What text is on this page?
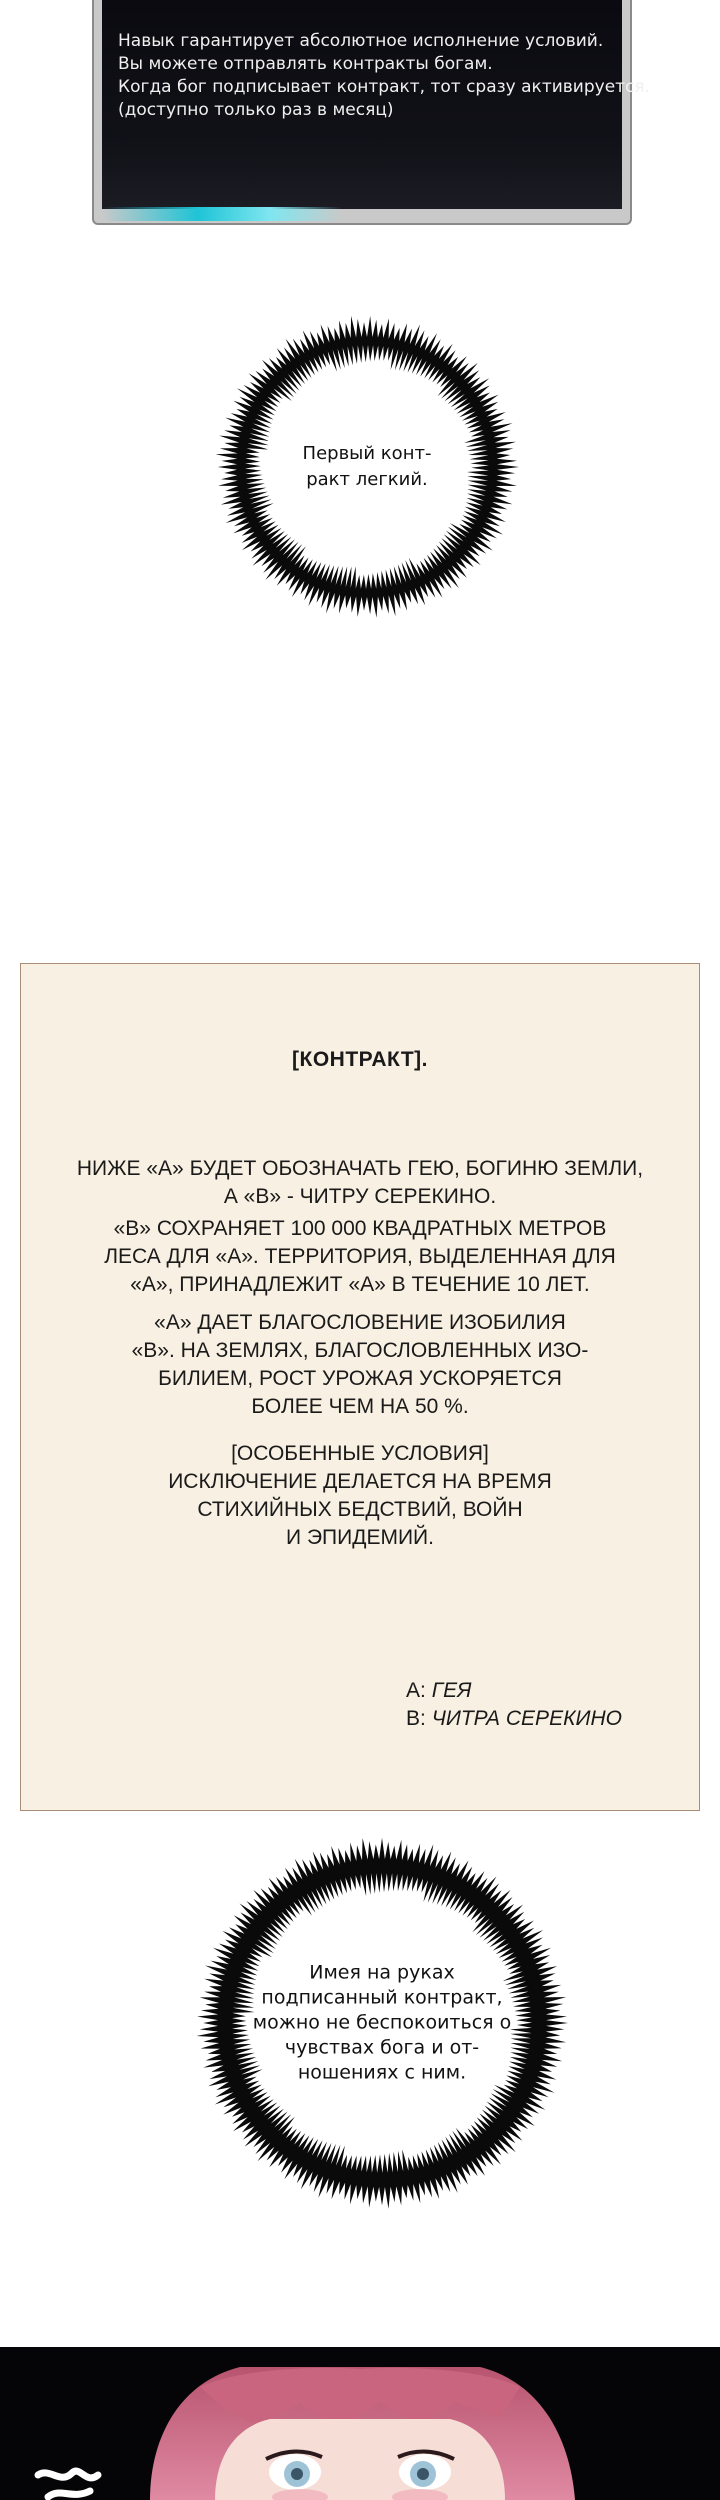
Навык гарантирует абсолютное исполнение условий.
Вы можете отправлять контракты богам.
Когда бог подписывает контракт, тот сразу активируется.
(доступно только раз в месяц)
Первый конт-
ракт легкий.
[КОНТРАКТ].
НИЖЕ «А» БУДЕТ ОБОЗНАЧАТЬ ГЕЮ, БОГИНЮ ЗЕМЛИ,
А «В» - ЧИТРУ СЕРЕКИНО.
«В» СОХРАНЯЕТ 100 000 КВАДРАТНЫХ МЕТРОВ
ЛЕСА ДЛЯ «А». ТЕРРИТОРИЯ, ВЫДЕЛЕННАЯ ДЛЯ
«А», ПРИНАДЛЕЖИТ «А» В ТЕЧЕНИЕ 10 ЛЕТ.
«А» ДАЕТ БЛАГОСЛОВЕНИЕ ИЗОБИЛИЯ
«В». НА ЗЕМЛЯХ, БЛАГОСЛОВЛЕННЫХ ИЗО-
БИЛИЕМ, РОСТ УРОЖАЯ УСКОРЯЕТСЯ
БОЛЕЕ ЧЕМ НА 50 %.
[ОСОБЕННЫЕ УСЛОВИЯ]
ИСКЛЮЧЕНИЕ ДЕЛАЕТСЯ НА ВРЕМЯ
СТИХИЙНЫХ БЕДСТВИЙ, ВОЙН
И ЭПИДЕМИЙ.
А: ГЕЯ
В: ЧИТРА СЕРЕКИНО
Имея на руках
подписанный контракт,
можно не беспокоиться о
чувствах бога и от-
ношениях с ним.
